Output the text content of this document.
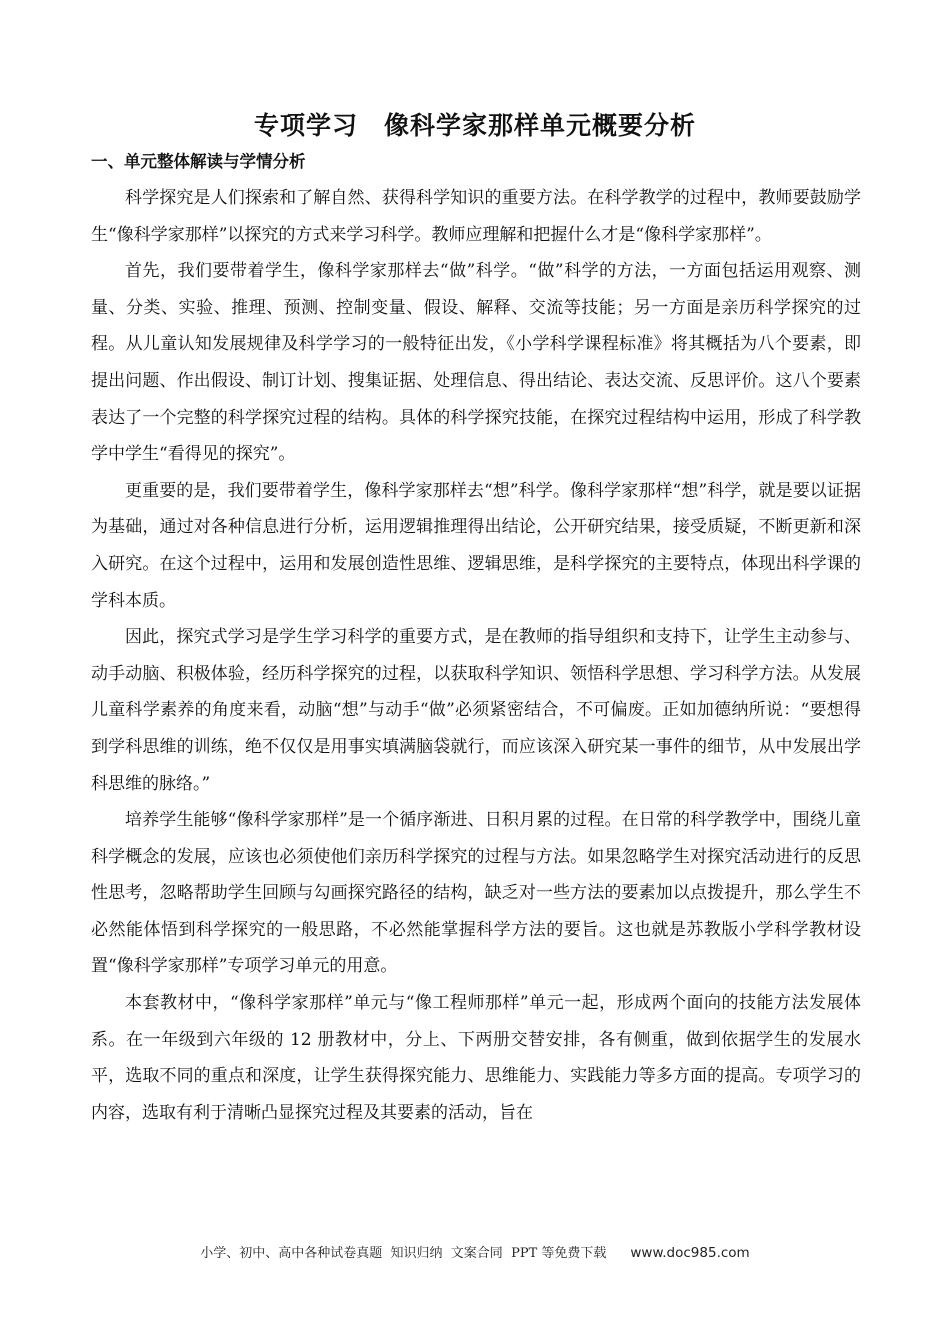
专项学习　像科学家那样单元概要分析
一、单元整体解读与学情分析

科学探究是人们探索和了解自然、获得科学知识的重要方法。在科学教学的过程中，教师要鼓励学生“像科学家那样”以探究的方式来学习科学。教师应理解和把握什么才是“像科学家那样”。

首先，我们要带着学生，像科学家那样去“做”科学。“做”科学的方法，一方面包括运用观察、测量、分类、实验、推理、预测、控制变量、假设、解释、交流等技能；另一方面是亲历科学探究的过程。从儿童认知发展规律及科学学习的一般特征出发，《小学科学课程标准》将其概括为八个要素，即提出问题、作出假设、制订计划、搜集证据、处理信息、得出结论、表达交流、反思评价。这八个要素表达了一个完整的科学探究过程的结构。具体的科学探究技能，在探究过程结构中运用，形成了科学教学中学生“看得见的探究”。

更重要的是，我们要带着学生，像科学家那样去“想”科学。像科学家那样“想”科学，就是要以证据为基础，通过对各种信息进行分析，运用逻辑推理得出结论，公开研究结果，接受质疑，不断更新和深入研究。在这个过程中，运用和发展创造性思维、逻辑思维，是科学探究的主要特点，体现出科学课的学科本质。

因此，探究式学习是学生学习科学的重要方式，是在教师的指导组织和支持下，让学生主动参与、动手动脑、积极体验，经历科学探究的过程，以获取科学知识、领悟科学思想、学习科学方法。从发展儿童科学素养的角度来看，动脑“想”与动手“做”必须紧密结合，不可偏废。正如加德纳所说：“要想得到学科思维的训练，绝不仅仅是用事实填满脑袋就行，而应该深入研究某一事件的细节，从中发展出学科思维的脉络。”

培养学生能够“像科学家那样”是一个循序渐进、日积月累的过程。在日常的科学教学中，围绕儿童科学概念的发展，应该也必须使他们亲历科学探究的过程与方法。如果忽略学生对探究活动进行的反思性思考，忽略帮助学生回顾与勾画探究路径的结构，缺乏对一些方法的要素加以点拨提升，那么学生不必然能体悟到科学探究的一般思路，不必然能掌握科学方法的要旨。这也就是苏教版小学科学教材设置“像科学家那样”专项学习单元的用意。

本套教材中，“像科学家那样”单元与“像工程师那样”单元一起，形成两个面向的技能方法发展体系。在一年级到六年级的 12 册教材中，分上、下两册交替安排，各有侧重，做到依据学生的发展水平，选取不同的重点和深度，让学生获得探究能力、思维能力、实践能力等多方面的提高。专项学习的内容，选取有利于清晰凸显探究过程及其要素的活动，旨在

小学、初中、高中各种试卷真题  知识归纳  文案合同  PPT 等免费下载 www.doc985.com
